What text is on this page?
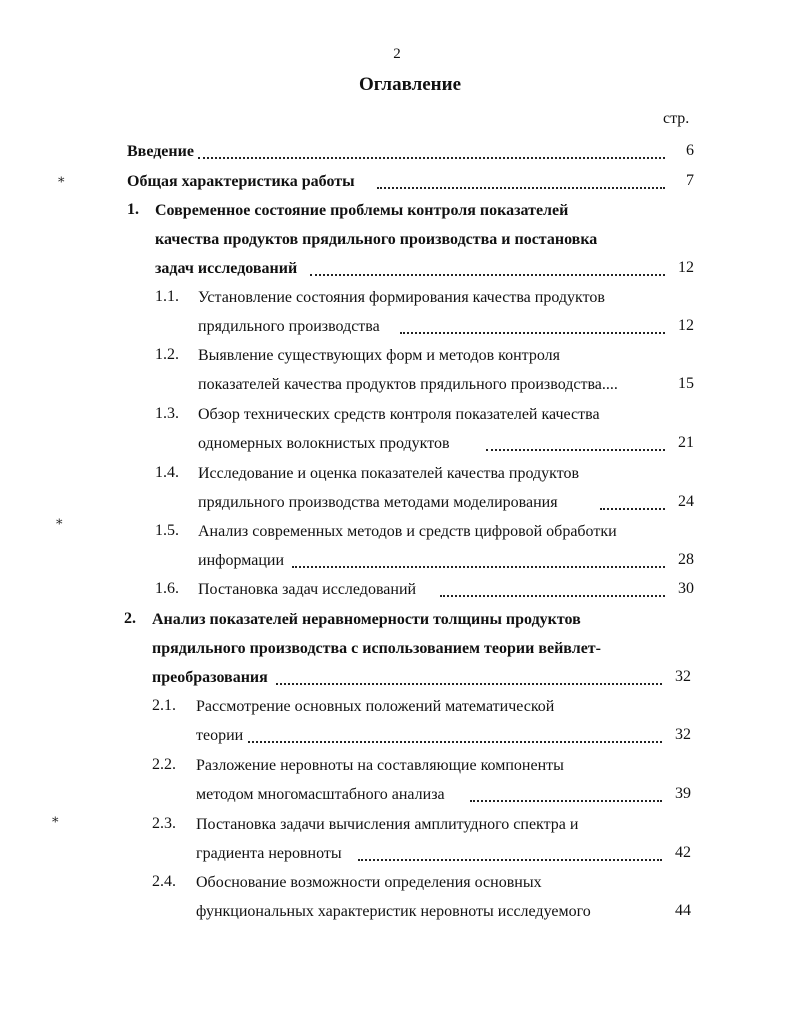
2
Оглавление
стр.
⁎
⁎
⁎
Введение	6
Общая характеристика работы	7
1. Современное состояние проблемы контроля показателей
качества продуктов прядильного производства и постановка
задач исследований	12
1.1. Установление состояния формирования качества продуктов
прядильного производства	12
1.2. Выявление существующих форм и методов контроля
показателей качества продуктов прядильного производства....	15
1.3. Обзор технических средств контроля показателей качества
одномерных волокнистых продуктов	21
1.4. Исследование и оценка показателей качества продуктов
прядильного производства методами моделирования	24
1.5. Анализ современных методов и средств цифровой обработки
информации	28
1.6. Постановка задач исследований	30
2. Анализ показателей неравномерности толщины продуктов
прядильного производства с использованием теории вейвлет-
преобразования	32
2.1. Рассмотрение основных положений математической
теории	32
2.2. Разложение неровноты на составляющие компоненты
методом многомасштабного анализа	39
2.3. Постановка задачи вычисления амплитудного спектра и
градиента неровноты	42
2.4. Обоснование возможности определения основных
функциональных характеристик неровноты исследуемого	44
